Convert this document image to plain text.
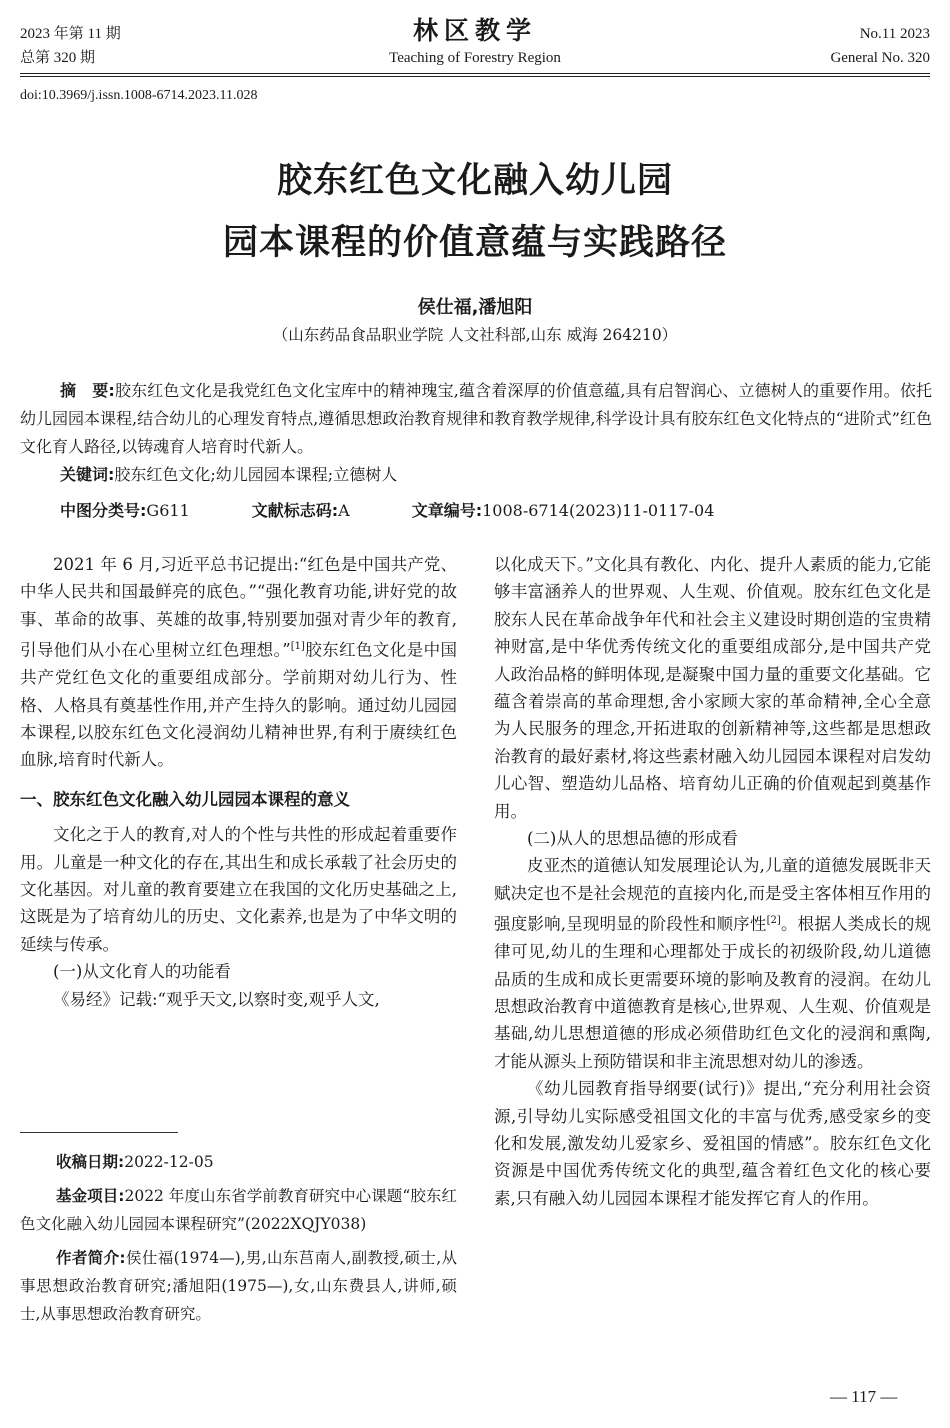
2023 年第 11 期
总第 320 期
林区教学
Teaching of Forestry Region
No.11 2023
General No. 320
doi:10.3969/j.issn.1008-6714.2023.11.028
胶东红色文化融入幼儿园
园本课程的价值意蕴与实践路径
侯仕福,潘旭阳
（山东药品食品职业学院 人文社科部,山东 威海 264210）
摘　要:胶东红色文化是我党红色文化宝库中的精神瑰宝,蕴含着深厚的价值意蕴,具有启智润心、立德树人的重要作用。依托幼儿园园本课程,结合幼儿的心理发育特点,遵循思想政治教育规律和教育教学规律,科学设计具有胶东红色文化特点的“进阶式”红色文化育人路径,以铸魂育人培育时代新人。
关键词:胶东红色文化;幼儿园园本课程;立德树人
中图分类号:G611	文献标志码:A	文章编号:1008-6714(2023)11-0117-04

2021 年 6 月,习近平总书记提出:“红色是中国共产党、中华人民共和国最鲜亮的底色。”“强化教育功能,讲好党的故事、革命的故事、英雄的故事,特别要加强对青少年的教育,引导他们从小在心里树立红色理想。”[1]胶东红色文化是中国共产党红色文化的重要组成部分。学前期对幼儿行为、性格、人格具有奠基性作用,并产生持久的影响。通过幼儿园园本课程,以胶东红色文化浸润幼儿精神世界,有利于赓续红色血脉,培育时代新人。

一、胶东红色文化融入幼儿园园本课程的意义

文化之于人的教育,对人的个性与共性的形成起着重要作用。儿童是一种文化的存在,其出生和成长承载了社会历史的文化基因。对儿童的教育要建立在我国的文化历史基础之上,这既是为了培育幼儿的历史、文化素养,也是为了中华文明的延续与传承。

(一)从文化育人的功能看

《易经》记载:“观乎天文,以察时变,观乎人文,

以化成天下。”文化具有教化、内化、提升人素质的能力,它能够丰富涵养人的世界观、人生观、价值观。胶东红色文化是胶东人民在革命战争年代和社会主义建设时期创造的宝贵精神财富,是中华优秀传统文化的重要组成部分,是中国共产党人政治品格的鲜明体现,是凝聚中国力量的重要文化基础。它蕴含着崇高的革命理想,舍小家顾大家的革命精神,全心全意为人民服务的理念,开拓进取的创新精神等,这些都是思想政治教育的最好素材,将这些素材融入幼儿园园本课程对启发幼儿心智、塑造幼儿品格、培育幼儿正确的价值观起到奠基作用。

(二)从人的思想品德的形成看

皮亚杰的道德认知发展理论认为,儿童的道德发展既非天赋决定也不是社会规范的直接内化,而是受主客体相互作用的强度影响,呈现明显的阶段性和顺序性[2]。根据人类成长的规律可见,幼儿的生理和心理都处于成长的初级阶段,幼儿道德品质的生成和成长更需要环境的影响及教育的浸润。在幼儿思想政治教育中道德教育是核心,世界观、人生观、价值观是基础,幼儿思想道德的形成必须借助红色文化的浸润和熏陶,才能从源头上预防错误和非主流思想对幼儿的渗透。

《幼儿园教育指导纲要(试行)》提出,“充分利用社会资源,引导幼儿实际感受祖国文化的丰富与优秀,感受家乡的变化和发展,激发幼儿爱家乡、爱祖国的情感”。胶东红色文化资源是中国优秀传统文化的典型,蕴含着红色文化的核心要素,只有融入幼儿园园本课程才能发挥它育人的作用。

收稿日期:2022-12-05

基金项目:2022 年度山东省学前教育研究中心课题“胶东红色文化融入幼儿园园本课程研究”(2022XQJY038)

作者简介:侯仕福(1974—),男,山东莒南人,副教授,硕士,从事思想政治教育研究;潘旭阳(1975—),女,山东费县人,讲师,硕士,从事思想政治教育研究。

— 117 —
